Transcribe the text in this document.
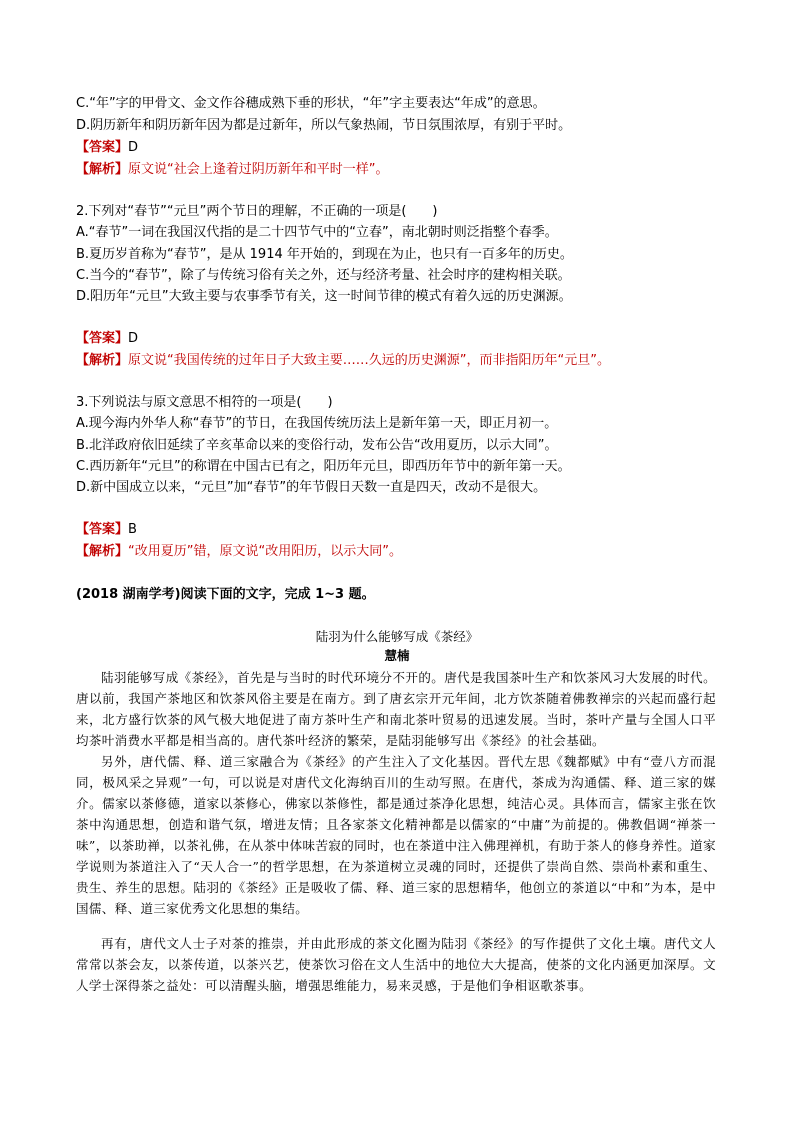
C.“年”字的甲骨文、金文作谷穗成熟下垂的形状，“年”字主要表达“年成”的意思。
D.阴历新年和阴历新年因为都是过新年，所以气象热闹，节日氛围浓厚，有别于平时。
【答案】D
【解析】原文说“社会上逢着过阴历新年和平时一样”。
2.下列对“春节”“元旦”两个节日的理解，不正确的一项是(　　)
A.“春节”一词在我国汉代指的是二十四节气中的“立春”，南北朝时则泛指整个春季。
B.夏历岁首称为“春节”，是从 1914 年开始的，到现在为止，也只有一百多年的历史。
C.当今的“春节”，除了与传统习俗有关之外，还与经济考量、社会时序的建构相关联。
D.阳历年“元旦”大致主要与农事季节有关，这一时间节律的模式有着久远的历史渊源。
【答案】D
【解析】原文说“我国传统的过年日子大致主要……久远的历史渊源”，而非指阳历年“元旦”。
3.下列说法与原文意思不相符的一项是(　　)
A.现今海内外华人称“春节”的节日，在我国传统历法上是新年第一天，即正月初一。
B.北洋政府依旧延续了辛亥革命以来的变俗行动，发布公告“改用夏历，以示大同”。
C.西历新年“元旦”的称谓在中国古已有之，阳历年元旦，即西历年节中的新年第一天。
D.新中国成立以来，“元旦”加“春节”的年节假日天数一直是四天，改动不是很大。
【答案】B
【解析】“改用夏历”错，原文说“改用阳历，以示大同”。
(2018 湖南学考)阅读下面的文字，完成 1~3 题。
陆羽为什么能够写成《茶经》
慧楠

陆羽能够写成《茶经》，首先是与当时的时代环境分不开的。唐代是我国茶叶生产和饮茶风习大发展的时代。唐以前，我国产茶地区和饮茶风俗主要是在南方。到了唐玄宗开元年间，北方饮茶随着佛教禅宗的兴起而盛行起来，北方盛行饮茶的风气极大地促进了南方茶叶生产和南北茶叶贸易的迅速发展。当时，茶叶产量与全国人口平均茶叶消费水平都是相当高的。唐代茶叶经济的繁荣，是陆羽能够写出《茶经》的社会基础。

另外，唐代儒、释、道三家融合为《茶经》的产生注入了文化基因。晋代左思《魏都赋》中有“壹八方而混同，极风采之异观”一句，可以说是对唐代文化海纳百川的生动写照。在唐代，茶成为沟通儒、释、道三家的媒介。儒家以茶修德，道家以茶修心，佛家以茶修性，都是通过茶净化思想，纯洁心灵。具体而言，儒家主张在饮茶中沟通思想，创造和谐气氛，增进友情；且各家茶文化精神都是以儒家的“中庸”为前提的。佛教倡调“禅茶一味”，以茶助禅，以茶礼佛，在从茶中体味苦寂的同时，也在茶道中注入佛理禅机，有助于茶人的修身养性。道家学说则为茶道注入了“天人合一”的哲学思想，在为茶道树立灵魂的同时，还提供了崇尚自然、崇尚朴素和重生、贵生、养生的思想。陆羽的《茶经》正是吸收了儒、释、道三家的思想精华，他创立的茶道以“中和”为本，是中国儒、释、道三家优秀文化思想的集结。

再有，唐代文人士子对茶的推崇，并由此形成的茶文化圈为陆羽《茶经》的写作提供了文化土壤。唐代文人常常以茶会友，以茶传道，以茶兴艺，使茶饮习俗在文人生活中的地位大大提高，使茶的文化内涵更加深厚。文人学士深得茶之益处：可以清醒头脑，增强思维能力，易来灵感，于是他们争相讴歌茶事。
